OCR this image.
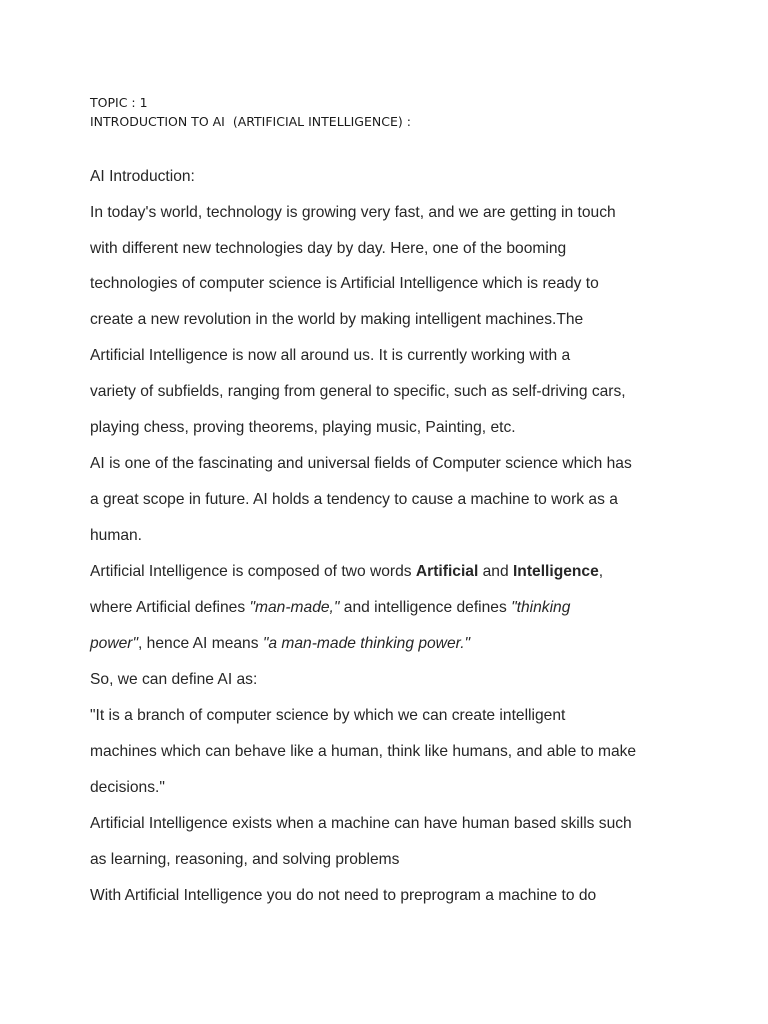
TOPIC : 1
INTRODUCTION TO AI  (ARTIFICIAL INTELLIGENCE) :
AI Introduction:
In today's world, technology is growing very fast, and we are getting in touch
with different new technologies day by day. Here, one of the booming
technologies of computer science is Artificial Intelligence which is ready to
create a new revolution in the world by making intelligent machines.The
Artificial Intelligence is now all around us. It is currently working with a
variety of subfields, ranging from general to specific, such as self-driving cars,
playing chess, proving theorems, playing music, Painting, etc.
AI is one of the fascinating and universal fields of Computer science which has
a great scope in future. AI holds a tendency to cause a machine to work as a
human.
Artificial Intelligence is composed of two words Artificial and Intelligence,
where Artificial defines "man-made," and intelligence defines "thinking
power", hence AI means "a man-made thinking power."
So, we can define AI as:
"It is a branch of computer science by which we can create intelligent
machines which can behave like a human, think like humans, and able to make
decisions."
Artificial Intelligence exists when a machine can have human based skills such
as learning, reasoning, and solving problems
With Artificial Intelligence you do not need to preprogram a machine to do
